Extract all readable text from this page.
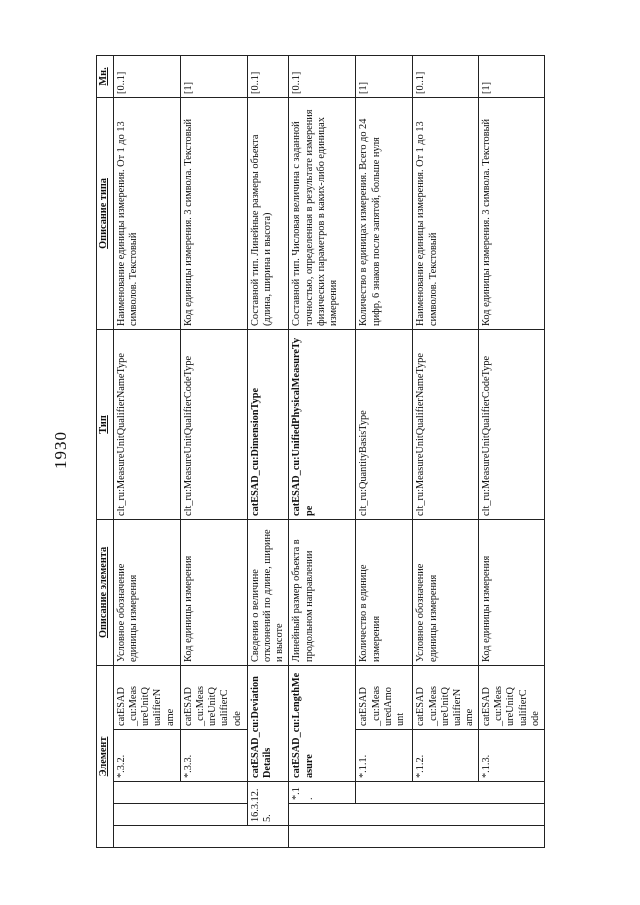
1930
Элемент					Описание элемента	Тип	Описание типа	Мн.
			*.3.2.	catESAD
_cu:Meas
ureUnitQ
ualifierN
ame	Условное обозначение единицы измерения	clt_ru:MeasureUnitQualifierNameType	Наименование единицы измерения. От 1 до 13 символов. Текстовый	[0..1]
			*.3.3.	catESAD
_cu:Meas
ureUnitQ
ualifierC
ode	Код единицы измерения	clt_ru:MeasureUnitQualifierCodeType	Код единицы измерения. 3 символа. Текстовый	[1]
	16.3.12.5.		catESAD_cu:DeviationDetails		Сведения о величине отклонений по длине, ширине и высоте	catESAD_cu:DimensionType	Составной тип. Линейные размеры объекта (длина, ширина и высота)	[0..1]
		*.1.	catESAD_cu:LengthMeasure		Линейный размер объекта в продольном направлении	catESAD_cu:UnifiedPhysicalMeasureType	Составной тип. Числовая величина с заданной точностью, определенная в результате измерения физических параметров в каких-либо единицах измерения	[0..1]
			*.1.1.	catESAD
_cu:Meas
uredAmo
unt	Количество в единице измерения	clt_ru:QuantityBasisType	Количество в единицах измерения. Всего до 24 цифр, 6 знаков после запятой, больше нуля	[1]
			*.1.2.	catESAD
_cu:Meas
ureUnitQ
ualifierN
ame	Условное обозначение единицы измерения	clt_ru:MeasureUnitQualifierNameType	Наименование единицы измерения. От 1 до 13 символов. Текстовый	[0..1]
			*.1.3.	catESAD
_cu:Meas
ureUnitQ
ualifierC
ode	Код единицы измерения	clt_ru:MeasureUnitQualifierCodeType	Код единицы измерения. 3 символа. Текстовый	[1]
